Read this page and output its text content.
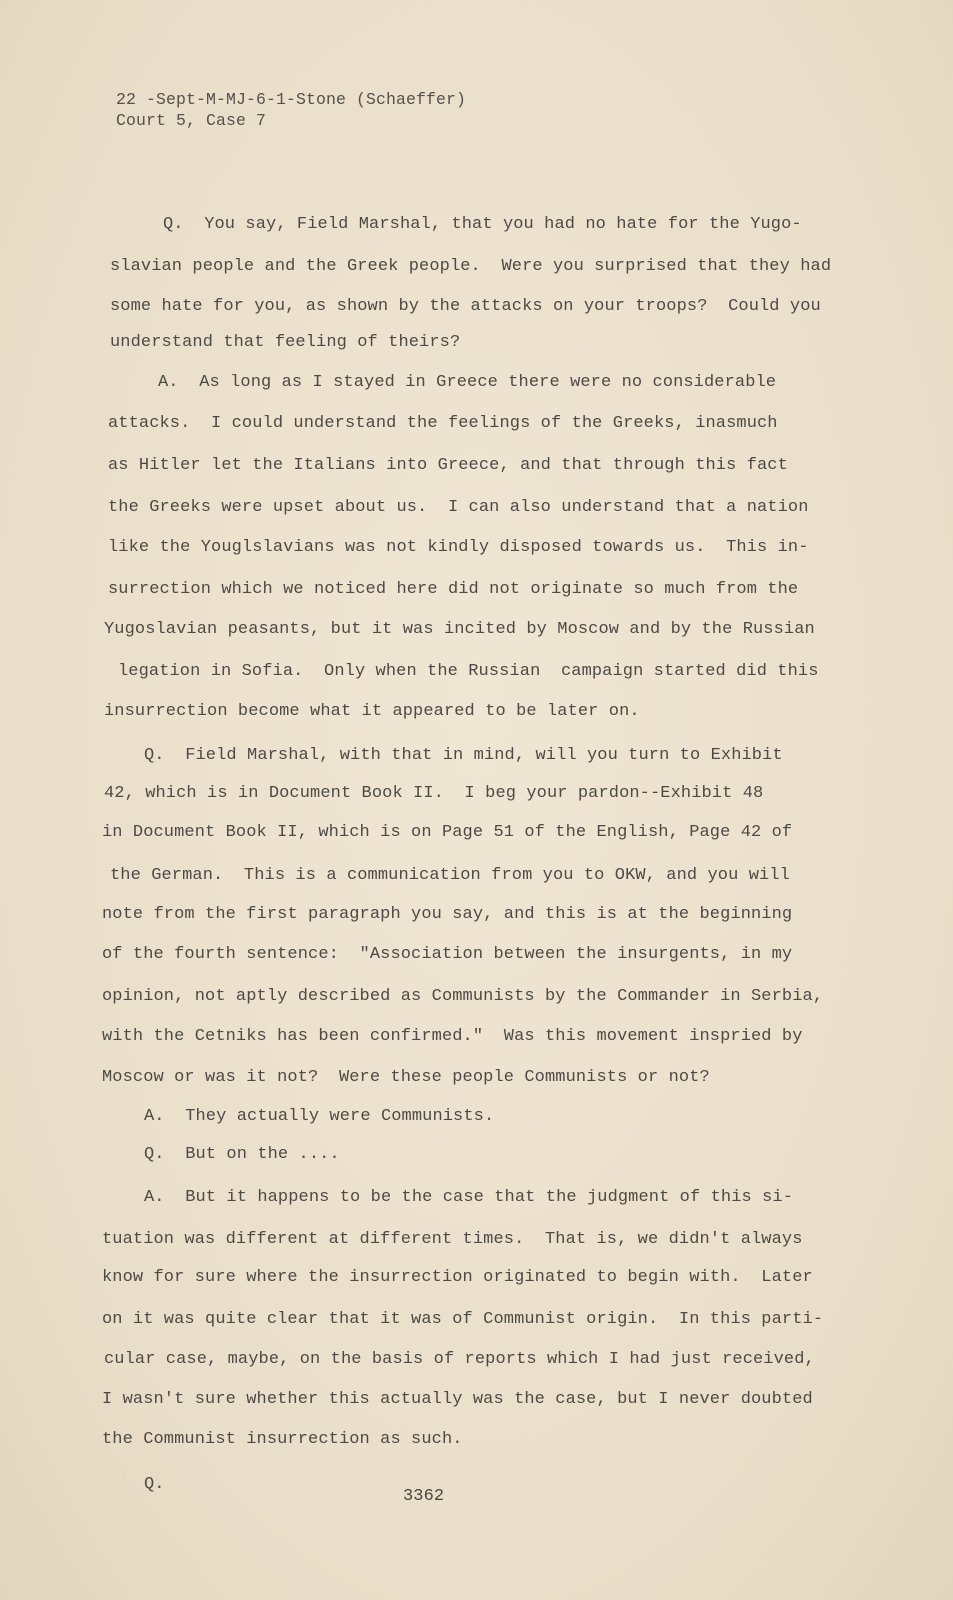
22 -Sept-M-MJ-6-1-Stone (Schaeffer)
Court 5, Case 7
Q.  You say, Field Marshal, that you had no hate for the Yugo-
slavian people and the Greek people.  Were you surprised that they had
some hate for you, as shown by the attacks on your troops?  Could you
understand that feeling of theirs?
A.  As long as I stayed in Greece there were no considerable
attacks.  I could understand the feelings of the Greeks, inasmuch
as Hitler let the Italians into Greece, and that through this fact
the Greeks were upset about us.  I can also understand that a nation
like the Youglslavians was not kindly disposed towards us.  This in-
surrection which we noticed here did not originate so much from the
Yugoslavian peasants, but it was incited by Moscow and by the Russian
legation in Sofia.  Only when the Russian  campaign started did this
insurrection become what it appeared to be later on.
Q.  Field Marshal, with that in mind, will you turn to Exhibit
42, which is in Document Book II.  I beg your pardon--Exhibit 48
in Document Book II, which is on Page 51 of the English, Page 42 of
the German.  This is a communication from you to OKW, and you will
note from the first paragraph you say, and this is at the beginning
of the fourth sentence:  "Association between the insurgents, in my
opinion, not aptly described as Communists by the Commander in Serbia,
with the Cetniks has been confirmed."  Was this movement inspried by
Moscow or was it not?  Were these people Communists or not?
A.  They actually were Communists.
Q.  But on the ....
A.  But it happens to be the case that the judgment of this si-
tuation was different at different times.  That is, we didn't always
know for sure where the insurrection originated to begin with.  Later
on it was quite clear that it was of Communist origin.  In this parti-
cular case, maybe, on the basis of reports which I had just received,
I wasn't sure whether this actually was the case, but I never doubted
the Communist insurrection as such.
Q.
3362
